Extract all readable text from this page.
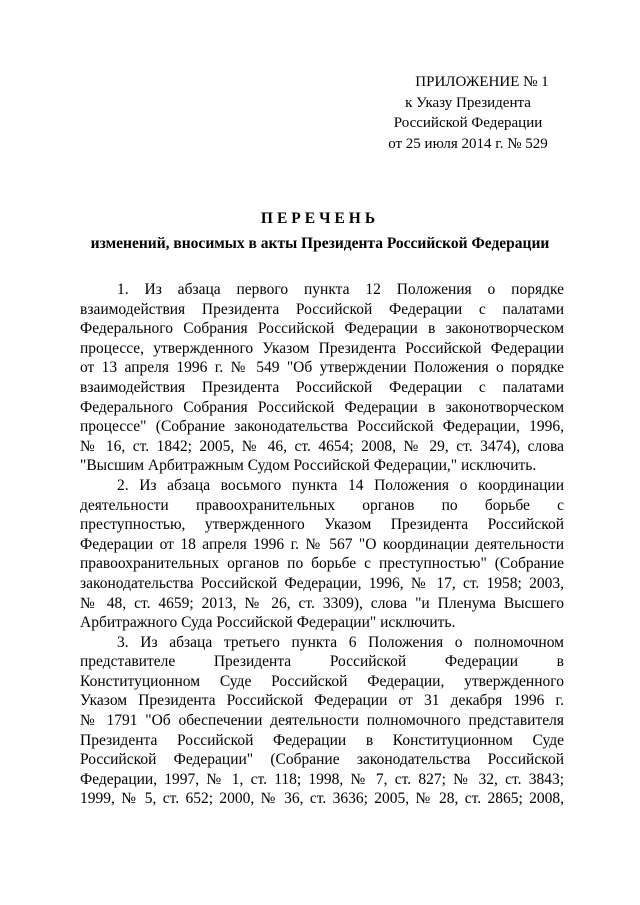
ПРИЛОЖЕНИЕ № 1
к Указу Президента
Российской Федерации
от 25 июля 2014 г. № 529
ПЕРЕЧЕНЬ
изменений, вносимых в акты Президента Российской Федерации
1. Из абзаца первого пункта 12 Положения о порядке
взаимодействия Президента Российской Федерации с палатами
Федерального Собрания Российской Федерации в законотворческом
процессе, утвержденного Указом Президента Российской Федерации
от 13 апреля 1996 г. № 549 "Об утверждении Положения о порядке
взаимодействия Президента Российской Федерации с палатами
Федерального Собрания Российской Федерации в законотворческом
процессе" (Собрание законодательства Российской Федерации, 1996,
№ 16, ст. 1842; 2005, № 46, ст. 4654; 2008, № 29, ст. 3474), слова
"Высшим Арбитражным Судом Российской Федерации," исключить.
2. Из абзаца восьмого пункта 14 Положения о координации
деятельности правоохранительных органов по борьбе с
преступностью, утвержденного Указом Президента Российской
Федерации от 18 апреля 1996 г. № 567 "О координации деятельности
правоохранительных органов по борьбе с преступностью" (Собрание
законодательства Российской Федерации, 1996, № 17, ст. 1958; 2003,
№ 48, ст. 4659; 2013, № 26, ст. 3309), слова "и Пленума Высшего
Арбитражного Суда Российской Федерации" исключить.
3. Из абзаца третьего пункта 6 Положения о полномочном
представителе Президента Российской Федерации в
Конституционном Суде Российской Федерации, утвержденного
Указом Президента Российской Федерации от 31 декабря 1996 г.
№ 1791 "Об обеспечении деятельности полномочного представителя
Президента Российской Федерации в Конституционном Суде
Российской Федерации" (Собрание законодательства Российской
Федерации, 1997, № 1, ст. 118; 1998, № 7, ст. 827; № 32, ст. 3843;
1999, № 5, ст. 652; 2000, № 36, ст. 3636; 2005, № 28, ст. 2865; 2008,
